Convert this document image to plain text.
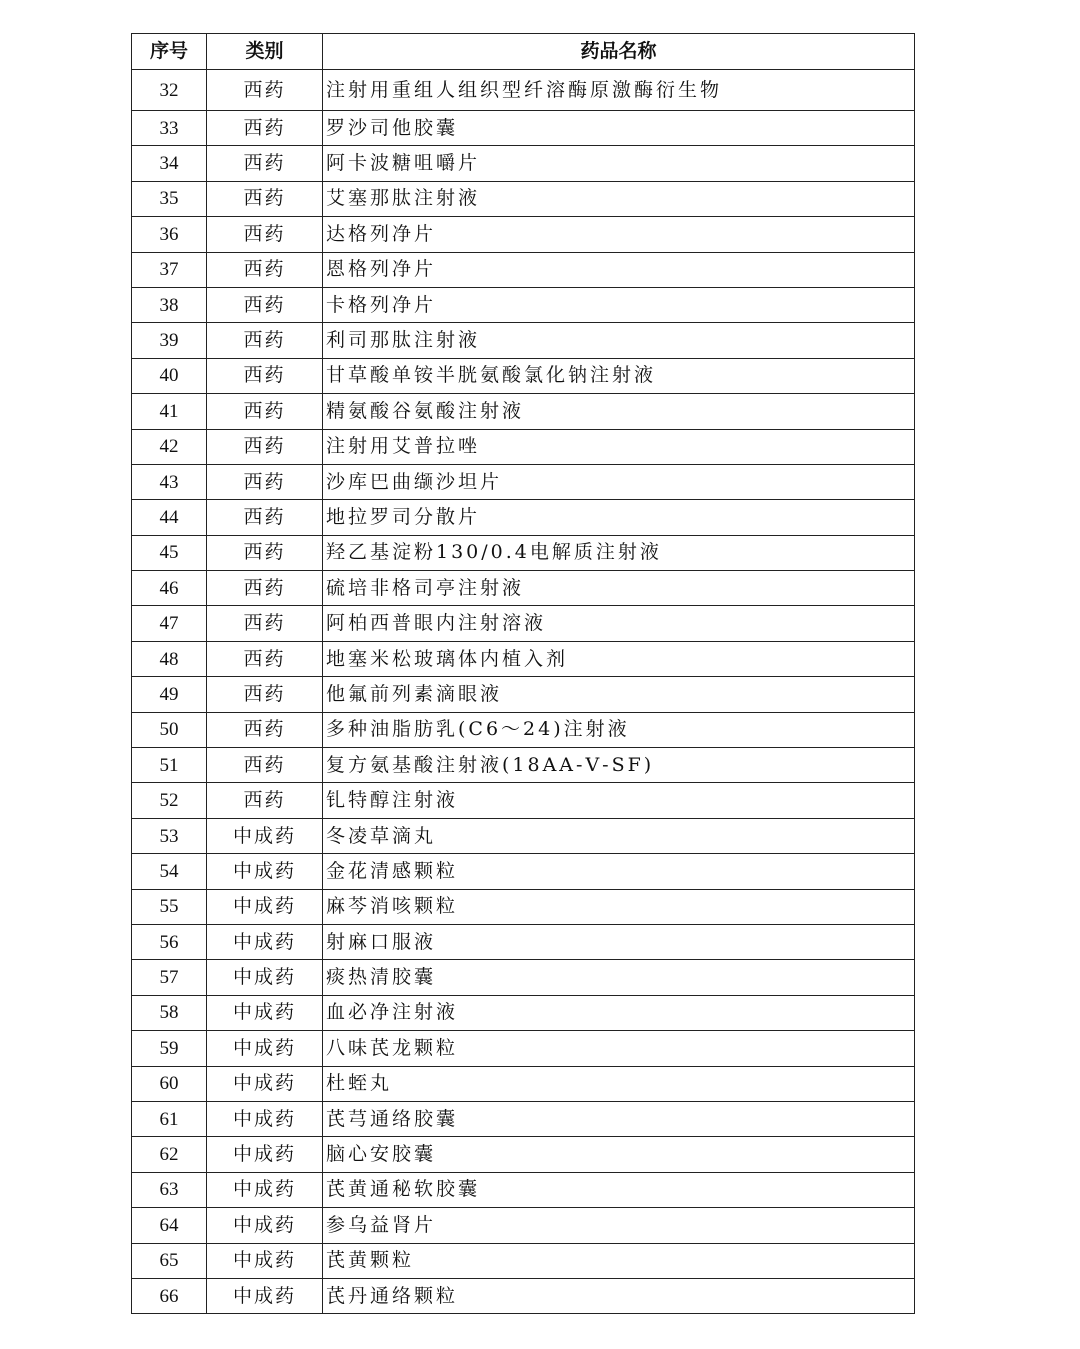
序号	类别	药品名称
32	西药	注射用重组人组织型纤溶酶原激酶衍生物
33	西药	罗沙司他胶囊
34	西药	阿卡波糖咀嚼片
35	西药	艾塞那肽注射液
36	西药	达格列净片
37	西药	恩格列净片
38	西药	卡格列净片
39	西药	利司那肽注射液
40	西药	甘草酸单铵半胱氨酸氯化钠注射液
41	西药	精氨酸谷氨酸注射液
42	西药	注射用艾普拉唑
43	西药	沙库巴曲缬沙坦片
44	西药	地拉罗司分散片
45	西药	羟乙基淀粉130/0.4电解质注射液
46	西药	硫培非格司亭注射液
47	西药	阿柏西普眼内注射溶液
48	西药	地塞米松玻璃体内植入剂
49	西药	他氟前列素滴眼液
50	西药	多种油脂肪乳(C6～24)注射液
51	西药	复方氨基酸注射液(18AA-Ⅴ-SF)
52	西药	钆特醇注射液
53	中成药	冬凌草滴丸
54	中成药	金花清感颗粒
55	中成药	麻芩消咳颗粒
56	中成药	射麻口服液
57	中成药	痰热清胶囊
58	中成药	血必净注射液
59	中成药	八味芪龙颗粒
60	中成药	杜蛭丸
61	中成药	芪芎通络胶囊
62	中成药	脑心安胶囊
63	中成药	芪黄通秘软胶囊
64	中成药	参乌益肾片
65	中成药	芪黄颗粒
66	中成药	芪丹通络颗粒
